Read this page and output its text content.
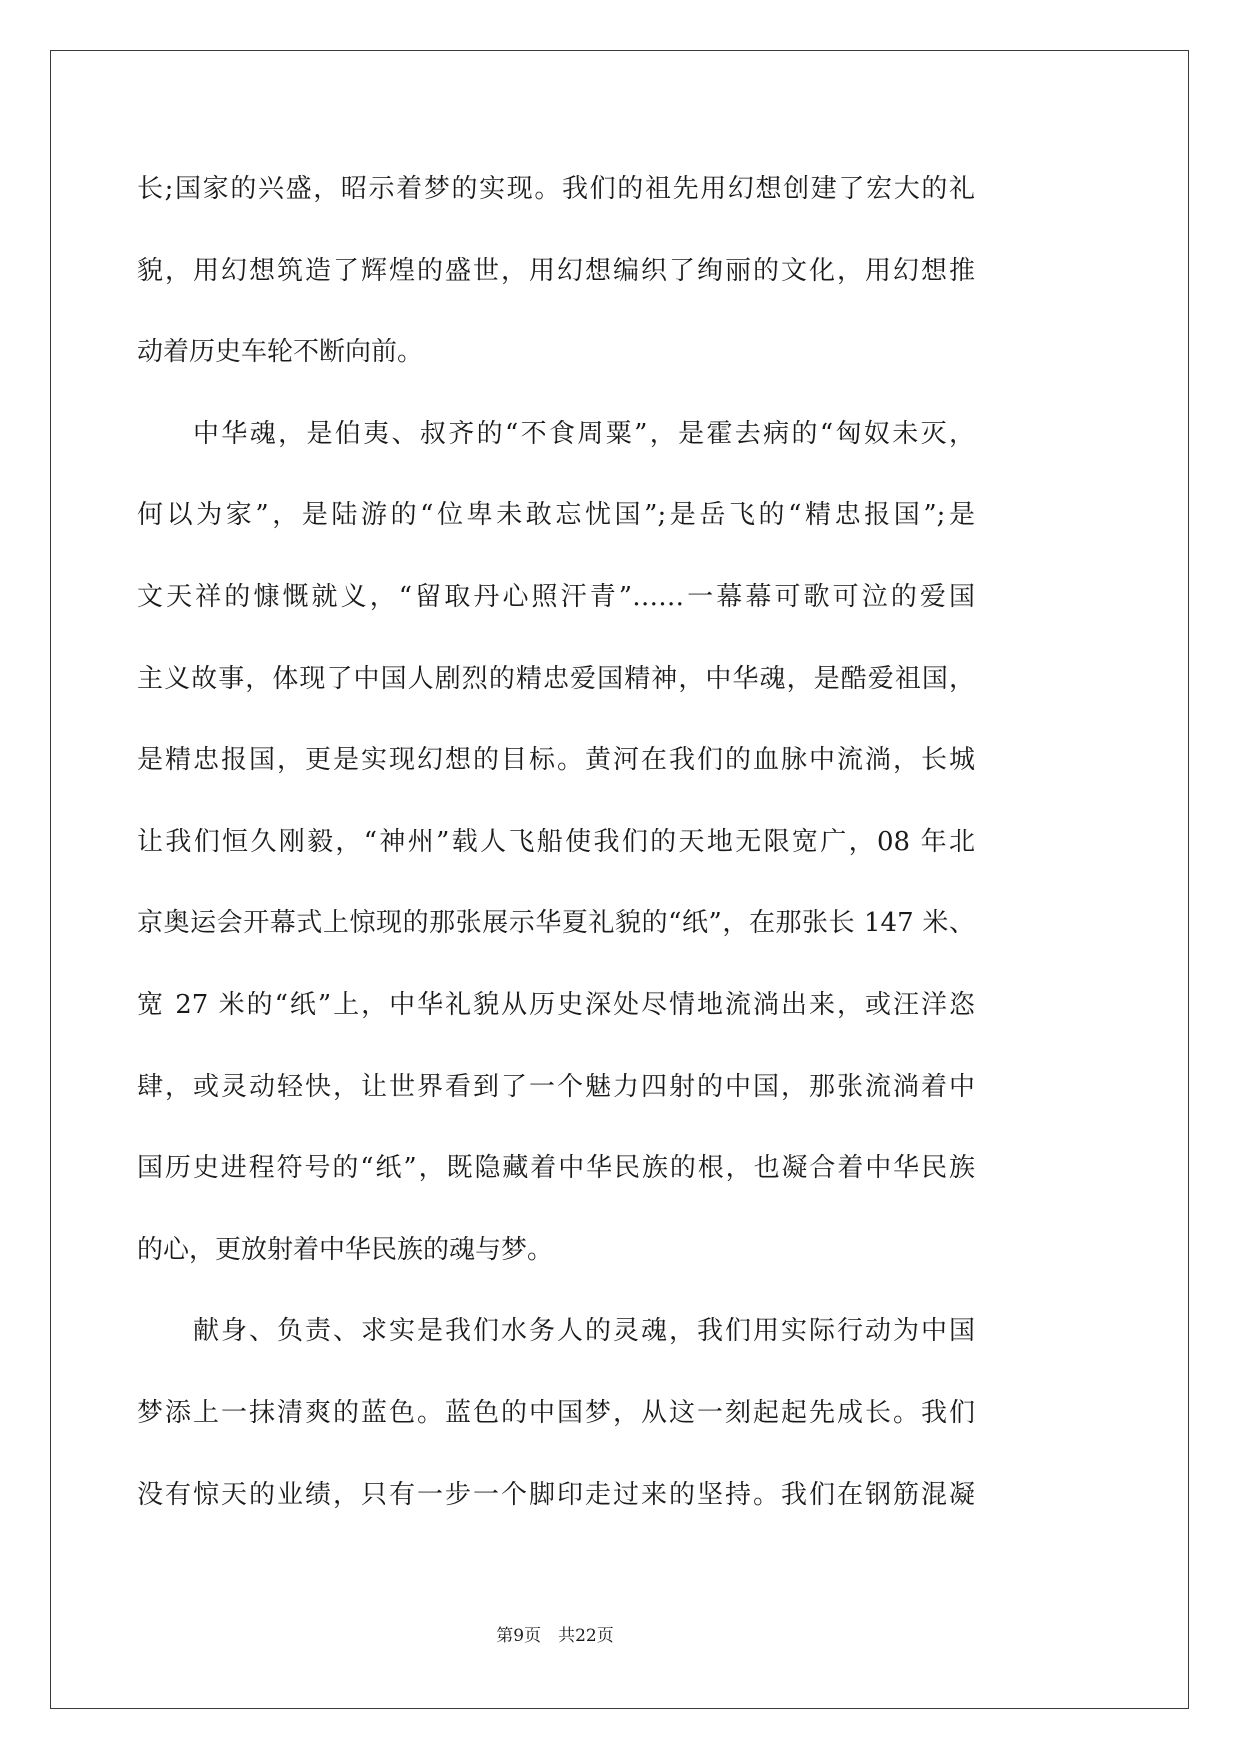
长;国家的兴盛，昭示着梦的实现。我们的祖先用幻想创建了宏大的礼
貌，用幻想筑造了辉煌的盛世，用幻想编织了绚丽的文化，用幻想推
动着历史车轮不断向前。
中华魂，是伯夷、叔齐的“不食周粟”，是霍去病的“匈奴未灭，
何以为家”，是陆游的“位卑未敢忘忧国”;是岳飞的“精忠报国”;是
文天祥的慷慨就义，“留取丹心照汗青”……一幕幕可歌可泣的爱国
主义故事，体现了中国人剧烈的精忠爱国精神，中华魂，是酷爱祖国，
是精忠报国，更是实现幻想的目标。黄河在我们的血脉中流淌，长城
让我们恒久刚毅，“神州”载人飞船使我们的天地无限宽广，08 年北
京奥运会开幕式上惊现的那张展示华夏礼貌的“纸”，在那张长 147 米、
宽 27 米的“纸”上，中华礼貌从历史深处尽情地流淌出来，或汪洋恣
肆，或灵动轻快，让世界看到了一个魅力四射的中国，那张流淌着中
国历史进程符号的“纸”，既隐藏着中华民族的根，也凝合着中华民族
的心，更放射着中华民族的魂与梦。
献身、负责、求实是我们水务人的灵魂，我们用实际行动为中国
梦添上一抹清爽的蓝色。蓝色的中国梦，从这一刻起起先成长。我们
没有惊天的业绩，只有一步一个脚印走过来的坚持。我们在钢筋混凝
第9页　共22页
